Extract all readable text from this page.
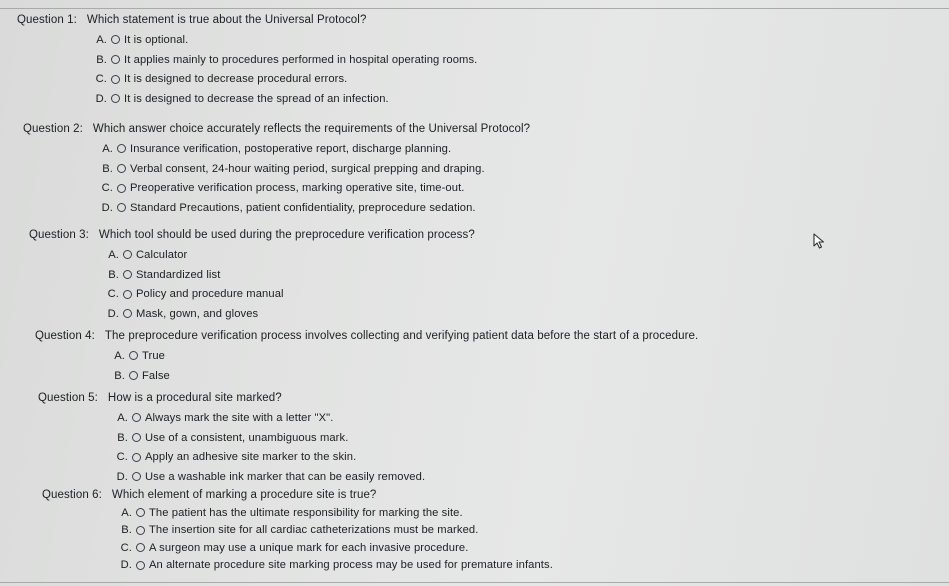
Question 1: Which statement is true about the Universal Protocol?
A. It is optional.
B. It applies mainly to procedures performed in hospital operating rooms.
C. It is designed to decrease procedural errors.
D. It is designed to decrease the spread of an infection.
Question 2: Which answer choice accurately reflects the requirements of the Universal Protocol?
A. Insurance verification, postoperative report, discharge planning.
B. Verbal consent, 24-hour waiting period, surgical prepping and draping.
C. Preoperative verification process, marking operative site, time-out.
D. Standard Precautions, patient confidentiality, preprocedure sedation.
Question 3: Which tool should be used during the preprocedure verification process?
A. Calculator
B. Standardized list
C. Policy and procedure manual
D. Mask, gown, and gloves
Question 4: The preprocedure verification process involves collecting and verifying patient data before the start of a procedure.
A. True
B. False
Question 5: How is a procedural site marked?
A. Always mark the site with a letter "X".
B. Use of a consistent, unambiguous mark.
C. Apply an adhesive site marker to the skin.
D. Use a washable ink marker that can be easily removed.
Question 6: Which element of marking a procedure site is true?
A. The patient has the ultimate responsibility for marking the site.
B. The insertion site for all cardiac catheterizations must be marked.
C. A surgeon may use a unique mark for each invasive procedure.
D. An alternate procedure site marking process may be used for premature infants.
